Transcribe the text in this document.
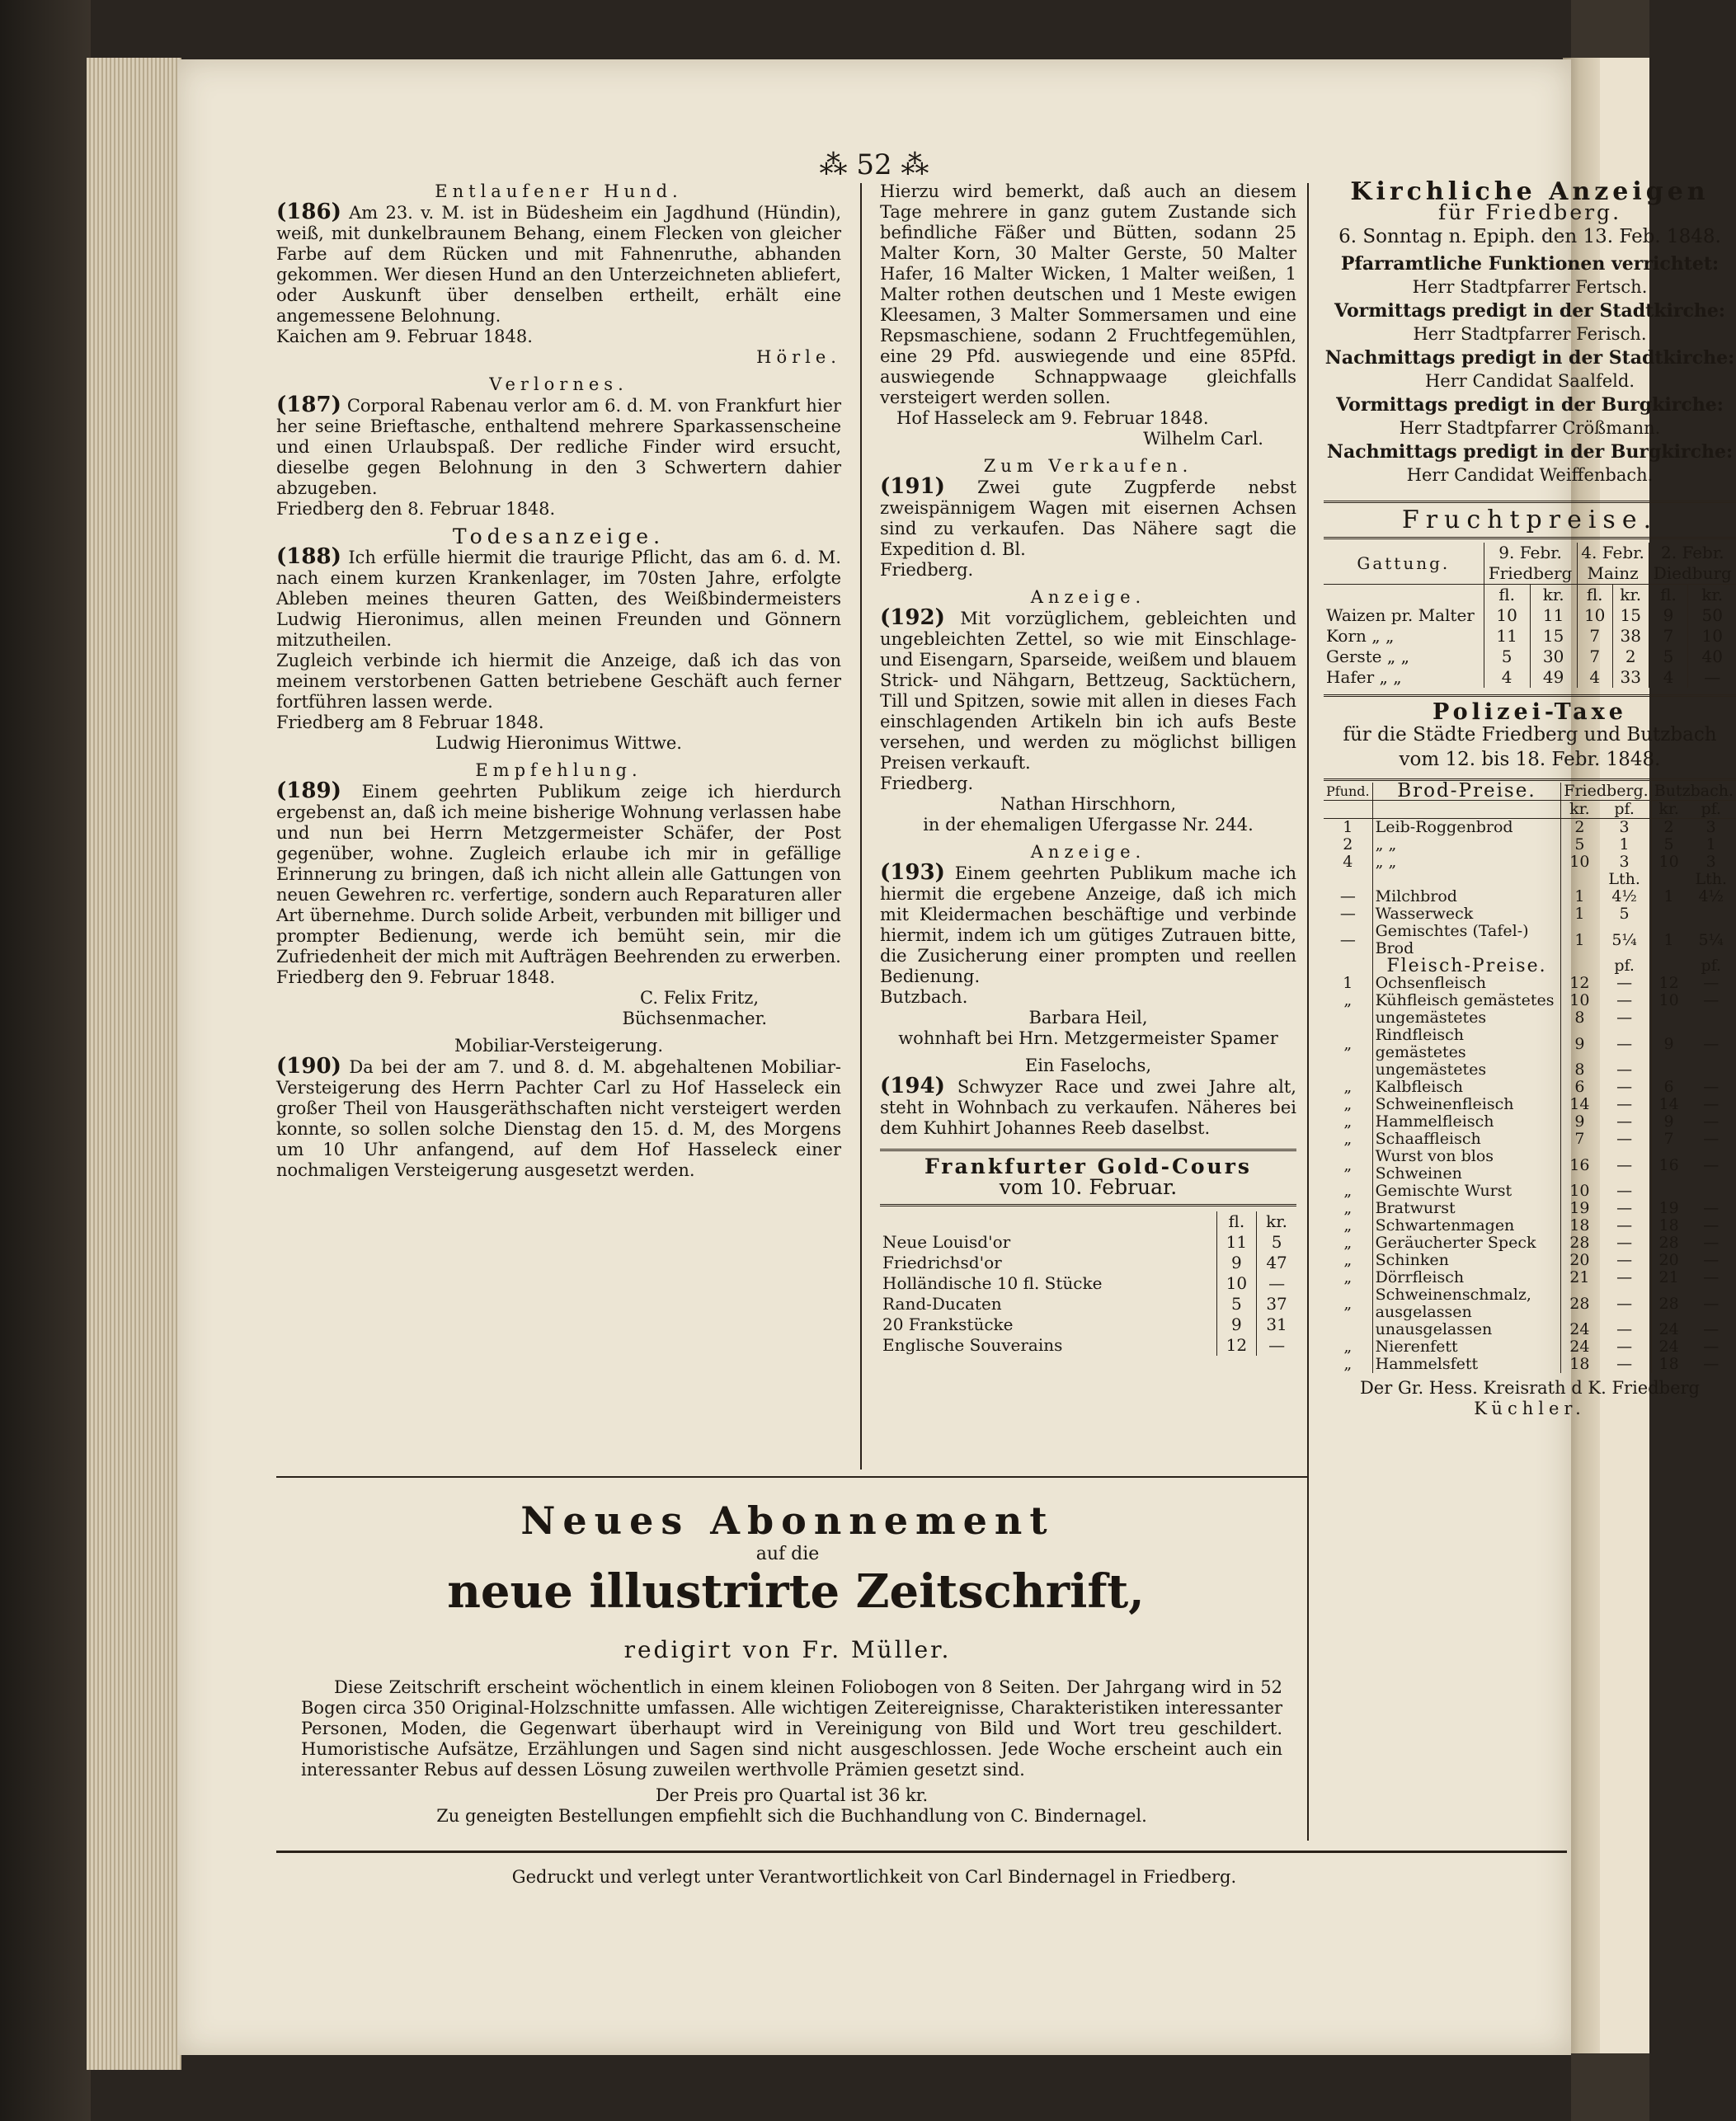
⁂ 52 ⁂
Entlaufener Hund.
(186) Am 23. v. M. ist in Büdesheim ein Jagdhund (Hündin), weiß, mit dunkelbraunem Behang, einem Flecken von gleicher Farbe auf dem Rücken und mit Fahnenruthe, abhanden gekommen. Wer diesen Hund an den Unterzeichneten abliefert, oder Auskunft über denselben ertheilt, erhält eine angemessene Belohnung.
Kaichen am 9. Februar 1848.
Hörle.
Verlornes.
(187) Corporal Rabenau verlor am 6. d. M. von Frankfurt hier her seine Brieftasche, enthaltend mehrere Sparkassenscheine und einen Urlaubspaß. Der redliche Finder wird ersucht, dieselbe gegen Belohnung in den 3 Schwertern dahier abzugeben.
Friedberg den 8. Februar 1848.
Todesanzeige.
(188) Ich erfülle hiermit die traurige Pflicht, das am 6. d. M. nach einem kurzen Krankenlager, im 70sten Jahre, erfolgte Ableben meines theuren Gatten, des Weißbindermeisters Ludwig Hieronimus, allen meinen Freunden und Gönnern mitzutheilen.
Zugleich verbinde ich hiermit die Anzeige, daß ich das von meinem verstorbenen Gatten betriebene Geschäft auch ferner fortführen lassen werde.
Friedberg am 8 Februar 1848.
Ludwig Hieronimus Wittwe.
Empfehlung.
(189) Einem geehrten Publikum zeige ich hierdurch ergebenst an, daß ich meine bisherige Wohnung verlassen habe und nun bei Herrn Metzgermeister Schäfer, der Post gegenüber, wohne. Zugleich erlaube ich mir in gefällige Erinnerung zu bringen, daß ich nicht allein alle Gattungen von neuen Gewehren rc. verfertige, sondern auch Reparaturen aller Art übernehme. Durch solide Arbeit, verbunden mit billiger und prompter Bedienung, werde ich bemüht sein, mir die Zufriedenheit der mich mit Aufträgen Beehrenden zu erwerben.
Friedberg den 9. Februar 1848.
C. Felix Fritz,
Büchsenmacher.
Mobiliar-Versteigerung.
(190) Da bei der am 7. und 8. d. M. abgehaltenen Mobiliar-Versteigerung des Herrn Pachter Carl zu Hof Hasseleck ein großer Theil von Hausgeräthschaften nicht versteigert werden konnte, so sollen solche Dienstag den 15. d. M, des Morgens um 10 Uhr anfangend, auf dem Hof Hasseleck einer nochmaligen Versteigerung ausgesetzt werden.
Hierzu wird bemerkt, daß auch an diesem Tage mehrere in ganz gutem Zustande sich befindliche Fäßer und Bütten, sodann 25 Malter Korn, 30 Malter Gerste, 50 Malter Hafer, 16 Malter Wicken, 1 Malter weißen, 1 Malter rothen deutschen und 1 Meste ewigen Kleesamen, 3 Malter Sommersamen und eine Repsmaschiene, sodann 2 Fruchtfegemühlen, eine 29 Pfd. auswiegende und eine 85Pfd. auswiegende Schnappwaage gleichfalls versteigert werden sollen.
Hof Hasseleck am 9. Februar 1848.
Wilhelm Carl.
Zum Verkaufen.
(191) Zwei gute Zugpferde nebst zweispännigem Wagen mit eisernen Achsen sind zu verkaufen. Das Nähere sagt die Expedition d. Bl.
Friedberg.
Anzeige.
(192) Mit vorzüglichem, gebleichten und ungebleichten Zettel, so wie mit Einschlage- und Eisengarn, Sparseide, weißem und blauem Strick- und Nähgarn, Bettzeug, Sacktüchern, Till und Spitzen, sowie mit allen in dieses Fach einschlagenden Artikeln bin ich aufs Beste versehen, und werden zu möglichst billigen Preisen verkauft.
Friedberg.
Nathan Hirschhorn,
in der ehemaligen Ufergasse Nr. 244.
Anzeige.
(193) Einem geehrten Publikum mache ich hiermit die ergebene Anzeige, daß ich mich mit Kleidermachen beschäftige und verbinde hiermit, indem ich um gütiges Zutrauen bitte, die Zusicherung einer prompten und reellen Bedienung.
Butzbach.
Barbara Heil,
wohnhaft bei Hrn. Metzgermeister Spamer
Ein Faselochs,
(194) Schwyzer Race und zwei Jahre alt, steht in Wohnbach zu verkaufen. Näheres bei dem Kuhhirt Johannes Reeb daselbst.
Frankfurter Gold-Cours
vom 10. Februar.
	fl.	kr.
Neue Louisd'or	11	5
Friedrichsd'or	9	47
Holländische 10 fl. Stücke	10	—
Rand-Ducaten	5	37
20 Frankstücke	9	31
Englische Souverains	12	—
Kirchliche Anzeigen
für Friedberg.
6. Sonntag n. Epiph. den 13. Feb. 1848.
Pfarramtliche Funktionen verrichtet:
Herr Stadtpfarrer Fertsch.
Vormittags predigt in der Stadtkirche:
Herr Stadtpfarrer Ferisch.
Nachmittags predigt in der Stadtkirche:
Herr Candidat Saalfeld.
Vormittags predigt in der Burgkirche:
Herr Stadtpfarrer Crößmann.
Nachmittags predigt in der Burgkirche:
Herr Candidat Weiffenbach.
Fruchtpreise.
Gattung.	9. Febr.		4. Febr.		2. Febr.	
	Friedberg		Mainz		Diedburg	
	fl.	kr.	fl.	kr.	fl.	kr.
Waizen pr. Malter	10	11	10	15	9	50
Korn „ „	11	15	7	38	7	10
Gerste „ „	5	30	7	2	5	40
Hafer „ „	4	49	4	33	4	—
Polizei-Taxe
für die Städte Friedberg und Butzbach
vom 12. bis 18. Febr. 1848.
Pfund.	Brod-Preise.	Friedberg.		Butzbach.	
		kr.	pf.	kr.	pf.
1	Leib-Roggenbrod	2	3	2	3
2	„ „	5	1	5	1
4	„ „	10	3	10	3
			Lth.		Lth.
—	Milchbrod	1	4½	1	4½
—	Wasserweck	1	5		
—	Gemischtes (Tafel-) Brod	1	5¼	1	5¼
	Fleisch-Preise.		pf.		pf.
1	Ochsenfleisch	12	—	12	—
„	Kühfleisch gemästetes	10	—	10	—
	ungemästetes	8	—		
„	Rindfleisch gemästetes	9	—	9	—
	ungemästetes	8	—		
„	Kalbfleisch	6	—	6	—
„	Schweinenfleisch	14	—	14	—
„	Hammelfleisch	9	—	9	—
„	Schaaffleisch	7	—	7	—
„	Wurst von blos Schweinen	16	—	16	—
„	Gemischte Wurst	10	—		
„	Bratwurst	19	—	19	—
„	Schwartenmagen	18	—	18	—
„	Geräucherter Speck	28	—	28	—
„	Schinken	20	—	20	—
„	Dörrfleisch	21	—	21	—
„	Schweinenschmalz, ausgelassen	28	—	28	—
	unausgelassen	24	—	24	—
„	Nierenfett	24	—	24	—
„	Hammelsfett	18	—	18	—
Der Gr. Hess. Kreisrath d K. Friedberg
Küchler.
Neues Abonnement
auf die
neue illustrirte Zeitschrift,
redigirt von Fr. Müller.
Diese Zeitschrift erscheint wöchentlich in einem kleinen Foliobogen von 8 Seiten. Der Jahrgang wird in 52 Bogen circa 350 Original-Holzschnitte umfassen. Alle wichtigen Zeitereignisse, Charakteristiken interessanter Personen, Moden, die Gegenwart überhaupt wird in Vereinigung von Bild und Wort treu geschildert. Humoristische Aufsätze, Erzählungen und Sagen sind nicht ausgeschlossen. Jede Woche erscheint auch ein interessanter Rebus auf dessen Lösung zuweilen werthvolle Prämien gesetzt sind.
Der Preis pro Quartal ist 36 kr.
Zu geneigten Bestellungen empfiehlt sich die Buchhandlung von C. Bindernagel.
Gedruckt und verlegt unter Verantwortlichkeit von Carl Bindernagel in Friedberg.
